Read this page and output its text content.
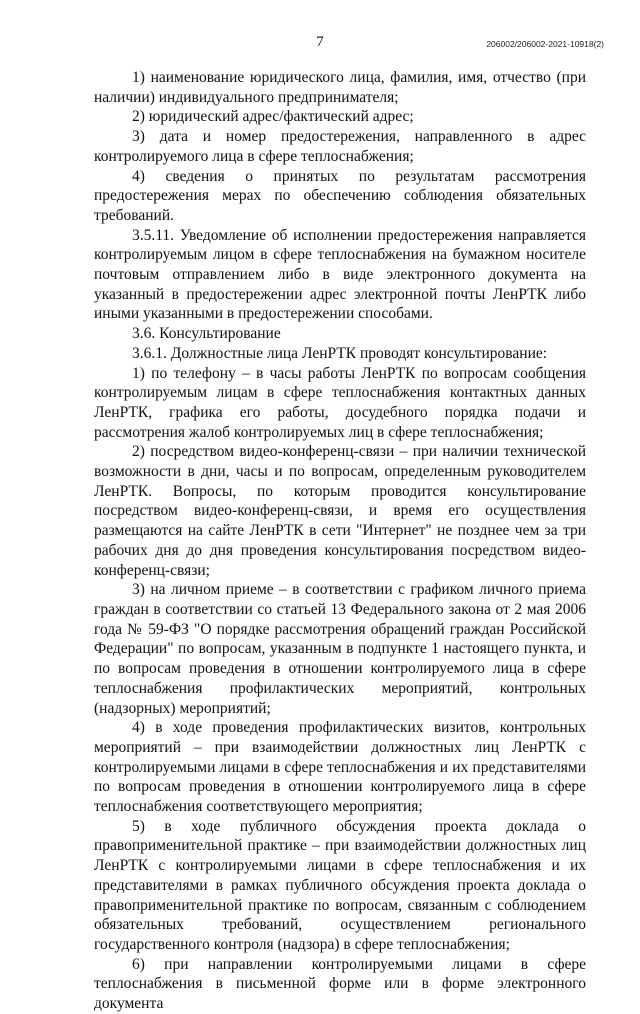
7	206002/206002-2021-10918(2)

1) наименование юридического лица, фамилия, имя, отчество (при наличии) индивидуального предпринимателя;

2) юридический адрес/фактический адрес;

3) дата и номер предостережения, направленного в адрес контролируемого лица в сфере теплоснабжения;

4) сведения о принятых по результатам рассмотрения предостережения мерах по обеспечению соблюдения обязательных требований.

3.5.11. Уведомление об исполнении предостережения направляется контролируемым лицом в сфере теплоснабжения на бумажном носителе почтовым отправлением либо в виде электронного документа на указанный в предостережении адрес электронной почты ЛенРТК либо иными указанными в предостережении способами.

3.6. Консультирование

3.6.1. Должностные лица ЛенРТК проводят консультирование:

1) по телефону – в часы работы ЛенРТК по вопросам сообщения контролируемым лицам в сфере теплоснабжения контактных данных ЛенРТК, графика его работы, досудебного порядка подачи и рассмотрения жалоб контролируемых лиц в сфере теплоснабжения;

2) посредством видео-конференц-связи – при наличии технической возможности в дни, часы и по вопросам, определенным руководителем ЛенРТК. Вопросы, по которым проводится консультирование посредством видео-конференц-связи, и время его осуществления размещаются на сайте ЛенРТК в сети "Интернет" не позднее чем за три рабочих дня до дня проведения консультирования посредством видео-конференц-связи;

3) на личном приеме – в соответствии с графиком личного приема граждан в соответствии со статьей 13 Федерального закона от 2 мая 2006 года № 59-ФЗ "О порядке рассмотрения обращений граждан Российской Федерации" по вопросам, указанным в подпункте 1 настоящего пункта, и по вопросам проведения в отношении контролируемого лица в сфере теплоснабжения профилактических мероприятий, контрольных (надзорных) мероприятий;

4) в ходе проведения профилактических визитов, контрольных мероприятий – при взаимодействии должностных лиц ЛенРТК с контролируемыми лицами в сфере теплоснабжения и их представителями по вопросам проведения в отношении контролируемого лица в сфере теплоснабжения соответствующего мероприятия;

5) в ходе публичного обсуждения проекта доклада о правоприменительной практике – при взаимодействии должностных лиц ЛенРТК с контролируемыми лицами в сфере теплоснабжения и их представителями в рамках публичного обсуждения проекта доклада о правоприменительной практике по вопросам, связанным с соблюдением обязательных требований, осуществлением регионального государственного контроля (надзора) в сфере теплоснабжения;

6) при направлении контролируемыми лицами в сфере теплоснабжения в письменной форме или в форме электронного документа
